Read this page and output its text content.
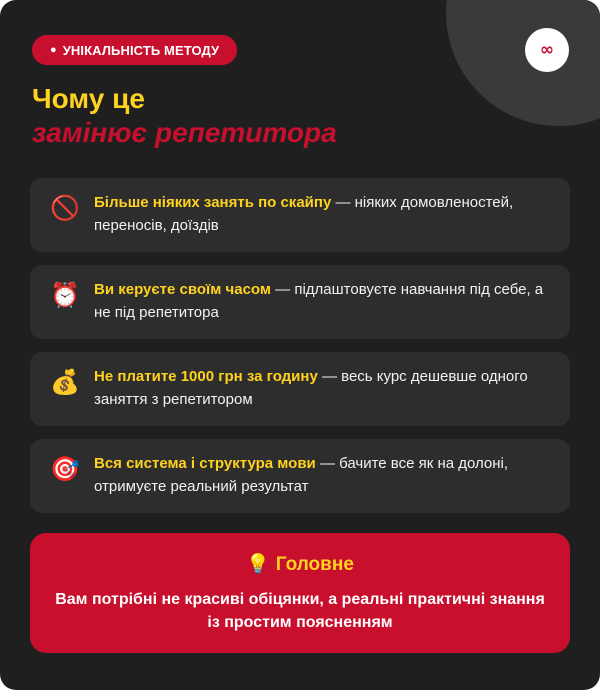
∞
● УНІКАЛЬНІСТЬ МЕТОДУ
Чому це
замінює репетитора
🚫 Більше ніяких занять по скайпу — ніяких домовленостей, переносів, доїздів
⏰ Ви керуєте своїм часом — підлаштовуєте навчання під себе, а не під репетитора
💰 Не платите 1000 грн за годину — весь курс дешевше одного заняття з репетитором
🎯 Вся система і структура мови — бачите все як на долоні, отримуєте реальний результат
💡 Головне
Вам потрібні не красиві обіцянки, а реальні практичні знання із простим поясненням
